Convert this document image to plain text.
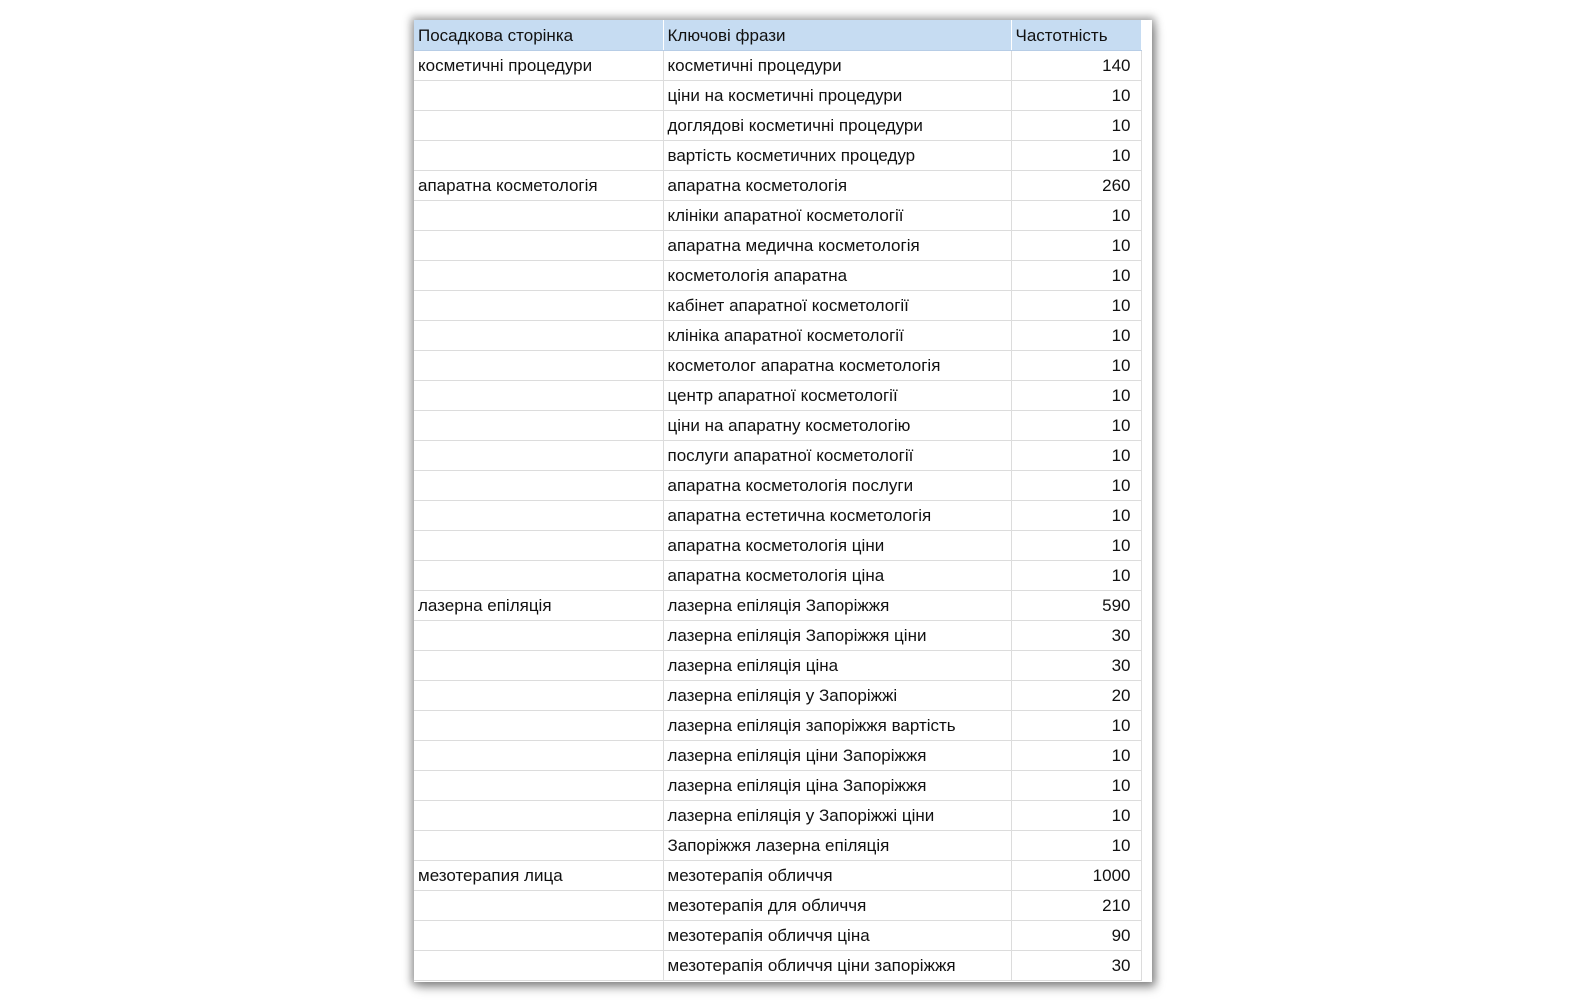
Посадкова сторінка	Ключові фрази	Частотність
косметичні процедури	косметичні процедури	140
	ціни на косметичні процедури	10
	доглядові косметичні процедури	10
	вартість косметичних процедур	10
апаратна косметологія	апаратна косметологія	260
	клініки апаратної косметології	10
	апаратна медична косметологія	10
	косметологія апаратна	10
	кабінет апаратної косметології	10
	клініка апаратної косметології	10
	косметолог апаратна косметологія	10
	центр апаратної косметології	10
	ціни на апаратну косметологію	10
	послуги апаратної косметології	10
	апаратна косметологія послуги	10
	апаратна естетична косметологія	10
	апаратна косметологія ціни	10
	апаратна косметологія ціна	10
лазерна епіляція	лазерна епіляція Запоріжжя	590
	лазерна епіляція Запоріжжя ціни	30
	лазерна епіляція ціна	30
	лазерна епіляція у Запоріжжі	20
	лазерна епіляція запоріжжя вартість	10
	лазерна епіляція ціни Запоріжжя	10
	лазерна епіляція ціна Запоріжжя	10
	лазерна епіляція у Запоріжжі ціни	10
	Запоріжжя лазерна епіляція	10
мезотерапия лица	мезотерапія обличчя	1000
	мезотерапія для обличчя	210
	мезотерапія обличчя ціна	90
	мезотерапія обличчя ціни запоріжжя	30
